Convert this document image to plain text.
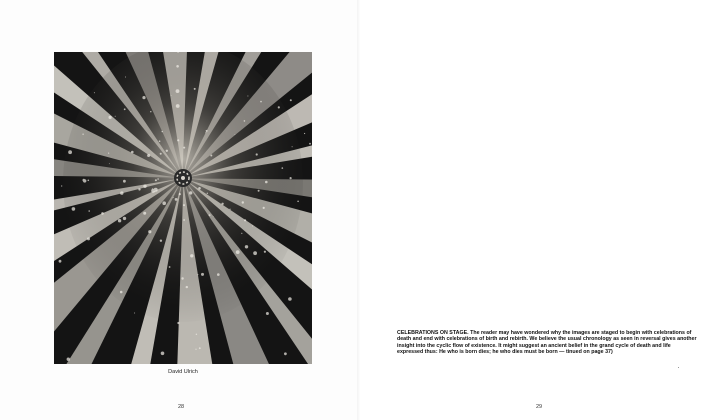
David Ulrich
28
CELEBRATIONS ON STAGE. The reader may have wondered why the images are staged to begin with celebrations of death and end with celebrations of birth and rebirth. We believe the usual chronology as seen in reversal gives another insight into the cyclic flow of existence. It might suggest an ancient belief in the grand cycle of death and life expressed thus: He who is born dies; he who dies must be born — tinued on page 37)
29
